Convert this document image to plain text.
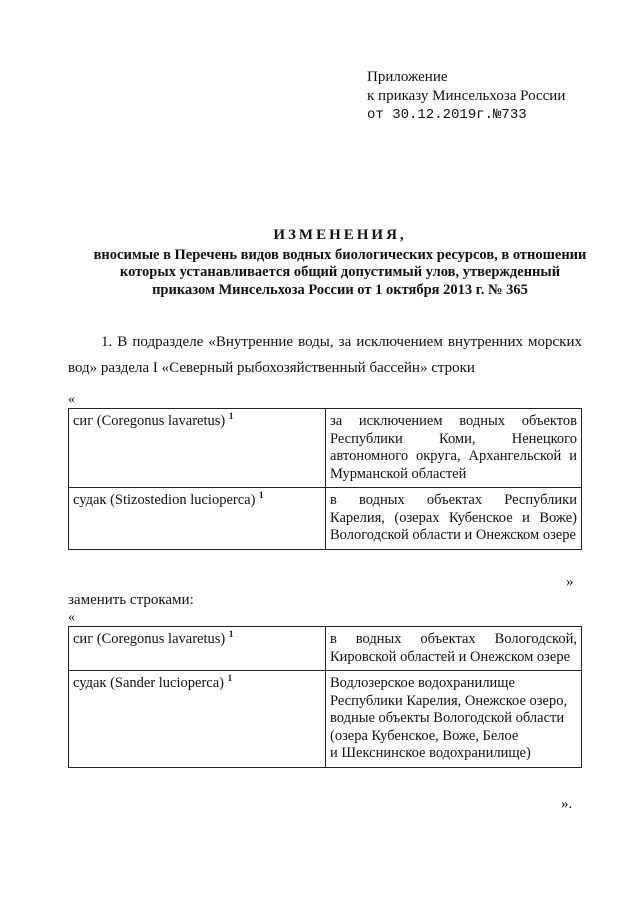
Приложение
к приказу Минсельхоза России
от 30.12.2019г.№733
ИЗМЕНЕНИЯ,
вносимые в Перечень видов водных биологических ресурсов, в отношении
которых устанавливается общий допустимый улов, утвержденный
приказом Минсельхоза России от 1 октября 2013 г. № 365
1. В подразделе «Внутренние воды, за исключением внутренних морских
вод» раздела I «Северный рыбохозяйственный бассейн» строки
«
сиг (Coregonus lavaretus) $^1$	за исключением водных объектов Республики Коми, Ненецкого автономного округа, Архангельской и Мурманской областей
судак (Stizostedion lucioperca) $^1$	в водных объектах Республики Карелия, (озерах Кубенское и Воже) Вологодской области и Онежском озере
»
заменить строками:
«
сиг (Coregonus lavaretus) $^1$	в водных объектах Вологодской, Кировской областей и Онежском озере
судак (Sander lucioperca) $^1$	Водлозерское водохранилище
Республики Карелия, Онежское озеро,
водные объекты Вологодской области
(озера Кубенское, Воже, Белое
и Шекснинское водохранилище)
».
